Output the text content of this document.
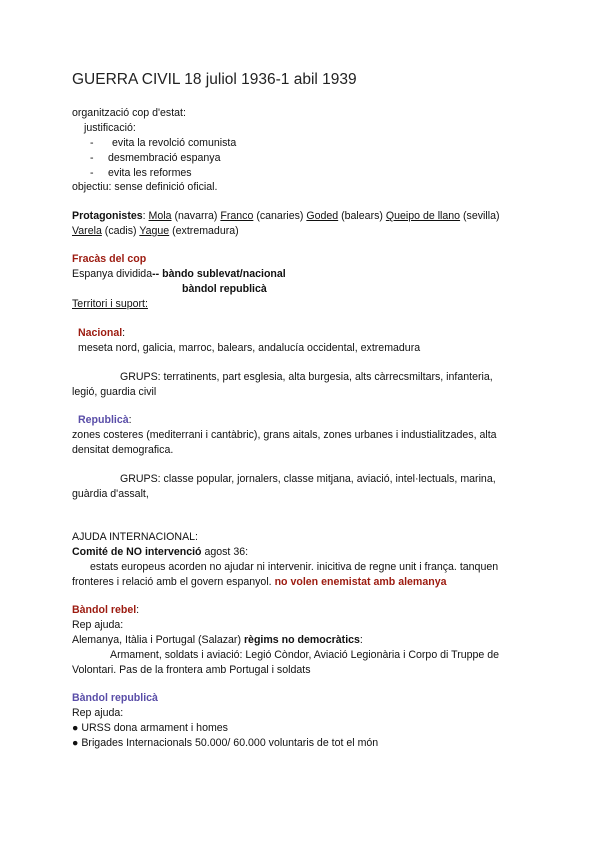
GUERRA CIVIL 18 juliol 1936-1 abil 1939
organització cop d'estat:
justificació:
- evita la revolció comunista
- desmembració espanya
- evita les reformes
objectiu: sense definició oficial.
Protagonistes: Mola (navarra) Franco (canaries) Goded (balears) Queipo de llano (sevilla)
Varela (cadis) Yague (extremadura)
Fracàs del cop
Espanya dividida-- bàndo sublevat/nacional
bàndol republicà
Territori i suport:
Nacional:
meseta nord, galicia, marroc, balears, andalucía occidental, extremadura
GRUPS: terratinents, part esglesia, alta burgesia, alts càrrecsmiltars, infanteria,
legió, guardia civil
Republicà:
zones costeres (mediterrani i cantàbric), grans aitals, zones urbanes i industialitzades, alta
densitat demografica.
GRUPS: classe popular, jornalers, classe mitjana, aviació, intel·lectuals, marina,
guàrdia d'assalt,
AJUDA INTERNACIONAL:
Comité de NO intervenció agost 36:
estats europeus acorden no ajudar ni intervenir. inicitiva de regne unit i frança. tanquen
fronteres i relació amb el govern espanyol. no volen enemistat amb alemanya
Bàndol rebel:
Rep ajuda:
Alemanya, Itàlia i Portugal (Salazar) règims no democràtics:
Armament, soldats i aviació: Legió Còndor, Aviació Legionària i Corpo di Truppe de
Volontari. Pas de la frontera amb Portugal i soldats
Bàndol republicà
Rep ajuda:
● URSS dona armament i homes
● Brigades Internacionals 50.000/ 60.000 voluntaris de tot el món
